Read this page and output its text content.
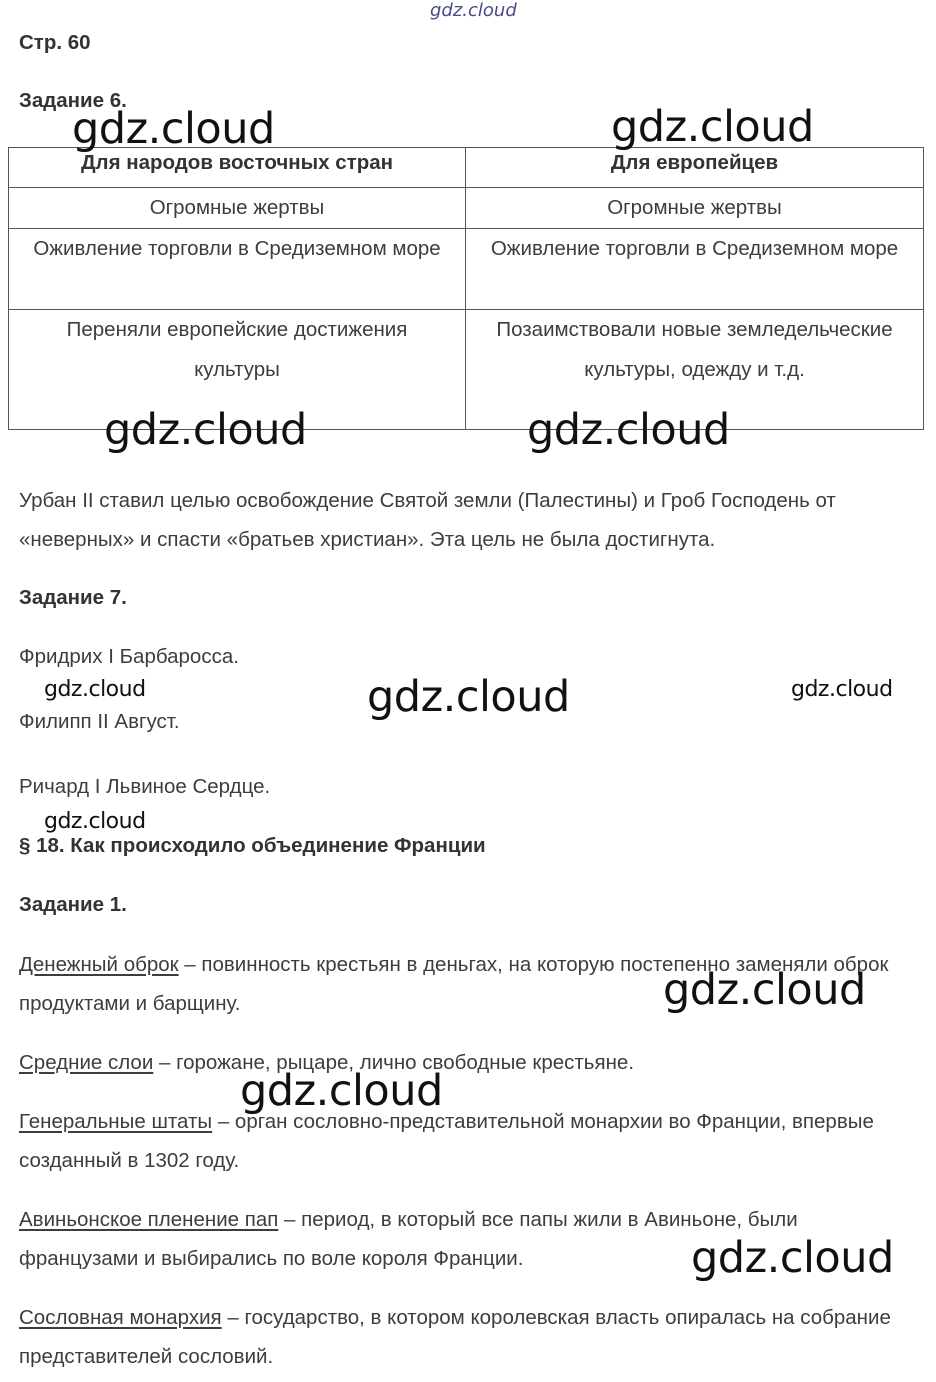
gdz.cloud
Стр. 60
Задание 6.
Для народов восточных стран	Для европейцев
Огромные жертвы	Огромные жертвы
Оживление торговли в Средиземном море	Оживление торговли в Средиземном море
Переняли европейские достижения культуры	Позаимствовали новые земледельческие культуры, одежду и т.д.
Урбан II ставил целью освобождение Святой земли (Палестины) и Гроб Господень от «неверных» и спасти «братьев христиан». Эта цель не была достигнута.
Задание 7.
Фридрих I Барбаросса.
Филипп II Август.
Ричард I Львиное Сердце.
§ 18. Как происходило объединение Франции
Задание 1.
Денежный оброк – повинность крестьян в деньгах, на которую постепенно заменяли оброк продуктами и барщину.
Средние слои – горожане, рыцаре, лично свободные крестьяне.
Генеральные штаты – орган сословно-представительной монархии во Франции, впервые созданный в 1302 году.
Авиньонское пленение пап – период, в который все папы жили в Авиньоне, были французами и выбирались по воле короля Франции.
Сословная монархия – государство, в котором королевская власть опиралась на собрание представителей сословий.
gdz.cloud	gdz.cloud
gdz.cloud	gdz.cloud
gdz.cloud	gdz.cloud	gdz.cloud
gdz.cloud
gdz.cloud
gdz.cloud
gdz.cloud
